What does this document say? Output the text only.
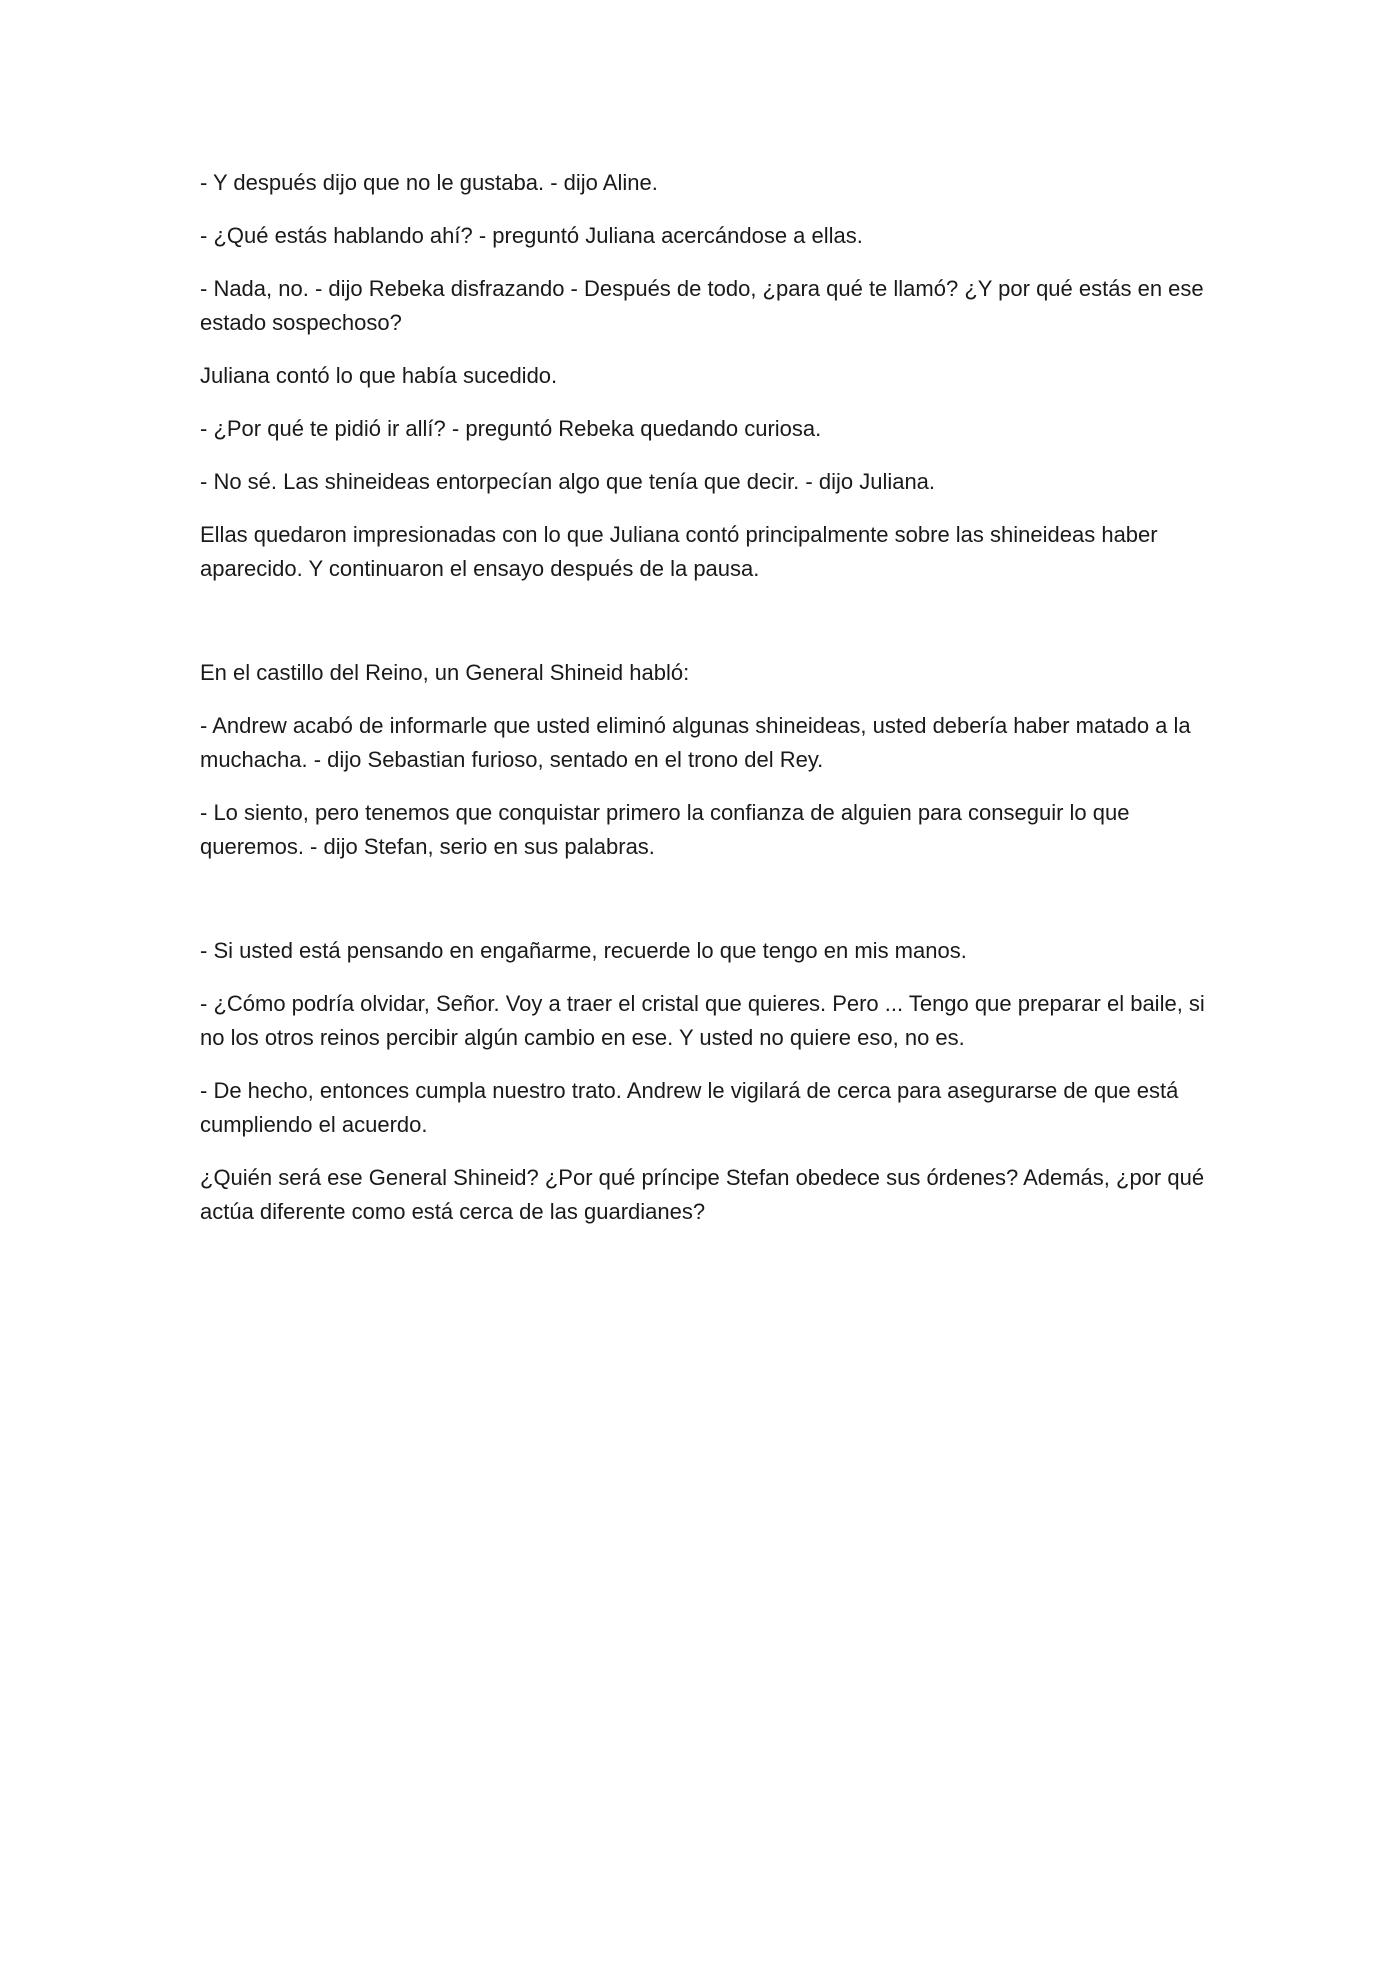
- Y después dijo que no le gustaba. - dijo Aline.

- ¿Qué estás hablando ahí? - preguntó Juliana acercándose a ellas.

- Nada, no. - dijo Rebeka disfrazando - Después de todo, ¿para qué te llamó? ¿Y por qué estás en ese estado sospechoso?

Juliana contó lo que había sucedido.

- ¿Por qué te pidió ir allí? - preguntó Rebeka quedando curiosa.

- No sé. Las shineideas entorpecían algo que tenía que decir. - dijo Juliana.

Ellas quedaron impresionadas con lo que Juliana contó principalmente sobre las shineideas haber aparecido. Y continuaron el ensayo después de la pausa.

En el castillo del Reino, un General Shineid habló:

- Andrew acabó de informarle que usted eliminó algunas shineideas, usted debería haber matado a la muchacha. - dijo Sebastian furioso, sentado en el trono del Rey.

- Lo siento, pero tenemos que conquistar primero la confianza de alguien para conseguir lo que queremos. - dijo Stefan, serio en sus palabras.

- Si usted está pensando en engañarme, recuerde lo que tengo en mis manos.

- ¿Cómo podría olvidar, Señor. Voy a traer el cristal que quieres. Pero ... Tengo que preparar el baile, si no los otros reinos percibir algún cambio en ese. Y usted no quiere eso, no es.

- De hecho, entonces cumpla nuestro trato. Andrew le vigilará de cerca para asegurarse de que está cumpliendo el acuerdo.

¿Quién será ese General Shineid? ¿Por qué príncipe Stefan obedece sus órdenes? Además, ¿por qué actúa diferente como está cerca de las guardianes?
